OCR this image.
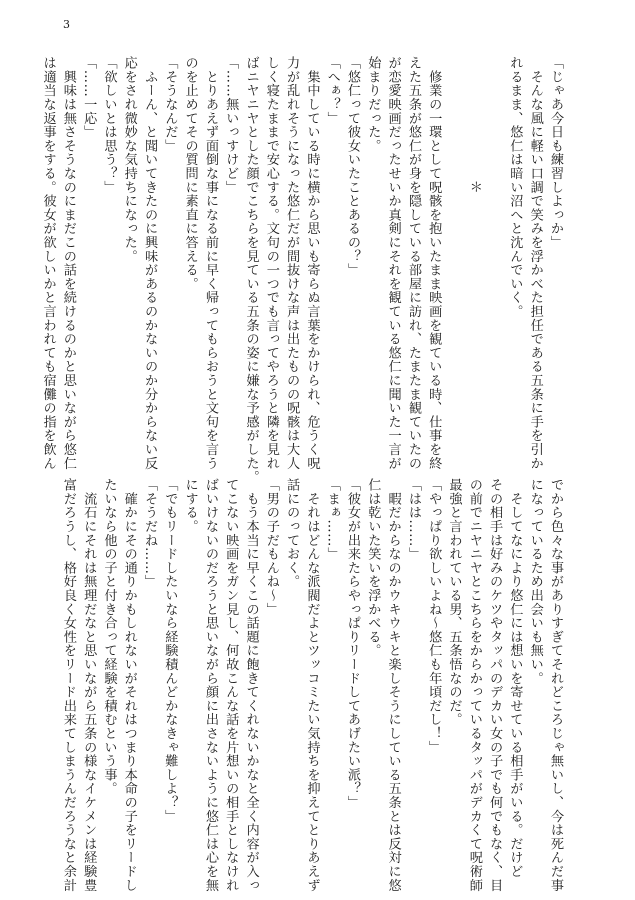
3
「じゃあ今日も練習しよっか」
　そんな風に軽い口調で笑みを浮かべた担任である五条に手を引か
れるまま、悠仁は暗い沼へと沈んでいく。

　　　　　　　　　＊

　修業の一環として呪骸を抱いたまま映画を観ている時、仕事を終
えた五条が悠仁が身を隠している部屋に訪れ、たまたま観ていたの
が恋愛映画だったせいか真剣にそれを観ている悠仁に聞いた一言が
始まりだった。
「悠仁って彼女いたことあるの？」
「へぁ？」
　集中している時に横から思いも寄らぬ言葉をかけられ、危うく呪
力が乱れそうになった悠仁だが間抜けな声は出たものの呪骸は大人
しく寝たままで安心する。文句の一つでも言ってやろうと隣を見れ
ばニヤニヤとした顔でこちらを見ている五条の姿に嫌な予感がした。
「……無いっすけど」
　とりあえず面倒な事になる前に早く帰ってもらおうと文句を言う
のを止めてその質問に素直に答える。
「そうなんだ」
　ふーん、と聞いてきたのに興味があるのかないのか分からない反
応をされ微妙な気持ちになった。
「欲しいとは思う？」
「……一応」
　興味は無さそうなのにまだこの話を続けるのかと思いながら悠仁
は適当な返事をする。彼女が欲しいかと言われても宿儺の指を飲ん
でから色々な事がありすぎてそれどころじゃ無いし、今は死んだ事
になっているため出会いも無い。
　そしてなにより悠仁には想いを寄せている相手がいる。だけど
その相手は好みのケツやタッパのデカい女の子でも何でもなく、目
の前でニヤニヤとこちらをからかっているタッパがデカくて呪術師
最強と言われている男、五条悟なのだ。
「やっぱり欲しいよね～悠仁も年頃だし！」
「はは……」
　暇だからなのかウキウキと楽しそうにしている五条とは反対に悠
仁は乾いた笑いを浮かべる。
「彼女が出来たらやっぱりリードしてあげたい派？」
「まぁ……」
　それはどんな派閥だよとツッコミたい気持ちを抑えてとりあえず
話にのっておく。
「男の子だもんね～」
　もう本当に早くこの話題に飽きてくれないかなと全く内容が入っ
てこない映画をガン見し、何故こんな話を片想いの相手としなけれ
ばいけないのだろうと思いながら顔に出さないように悠仁は心を無
にする。
「でもリードしたいなら経験積んどかなきゃ難しよ？」
「そうだね……」
　確かにその通りかもしれないがそれはつまり本命の子をリードし
たいなら他の子と付き合って経験を積むという事。
　流石にそれは無理だなと思いながら五条の様なイケメンは経験豊
富だろうし、格好良く女性をリード出来てしまうんだろうなと余計
